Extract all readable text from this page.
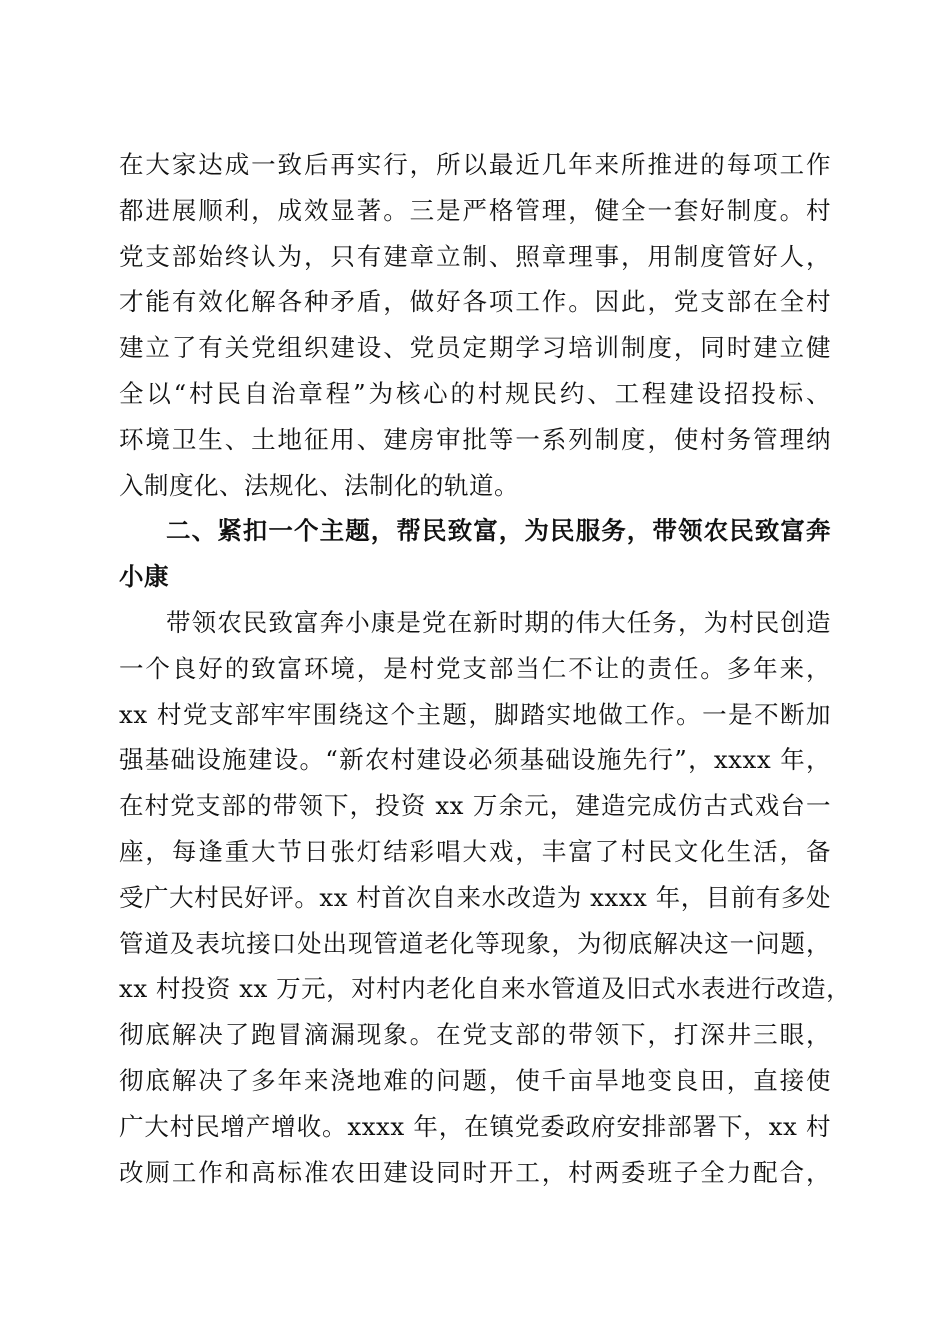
在大家达成一致后再实行，所以最近几年来所推进的每项工作
都进展顺利，成效显著。三是严格管理，健全一套好制度。村
党支部始终认为，只有建章立制、照章理事，用制度管好人，
才能有效化解各种矛盾，做好各项工作。因此，党支部在全村
建立了有关党组织建设、党员定期学习培训制度，同时建立健
全以“村民自治章程”为核心的村规民约、工程建设招投标、
环境卫生、土地征用、建房审批等一系列制度，使村务管理纳
入制度化、法规化、法制化的轨道。
二、紧扣一个主题，帮民致富，为民服务，带领农民致富奔
小康
带领农民致富奔小康是党在新时期的伟大任务，为村民创造
一个良好的致富环境，是村党支部当仁不让的责任。多年来，
xx 村党支部牢牢围绕这个主题，脚踏实地做工作。一是不断加
强基础设施建设。“新农村建设必须基础设施先行”，xxxx 年，
在村党支部的带领下，投资 xx 万余元，建造完成仿古式戏台一
座，每逢重大节日张灯结彩唱大戏，丰富了村民文化生活，备
受广大村民好评。xx 村首次自来水改造为 xxxx 年，目前有多处
管道及表坑接口处出现管道老化等现象，为彻底解决这一问题，
xx 村投资 xx 万元，对村内老化自来水管道及旧式水表进行改造，
彻底解决了跑冒滴漏现象。在党支部的带领下，打深井三眼，
彻底解决了多年来浇地难的问题，使千亩旱地变良田，直接使
广大村民增产增收。xxxx 年，在镇党委政府安排部署下，xx 村
改厕工作和高标准农田建设同时开工，村两委班子全力配合，
